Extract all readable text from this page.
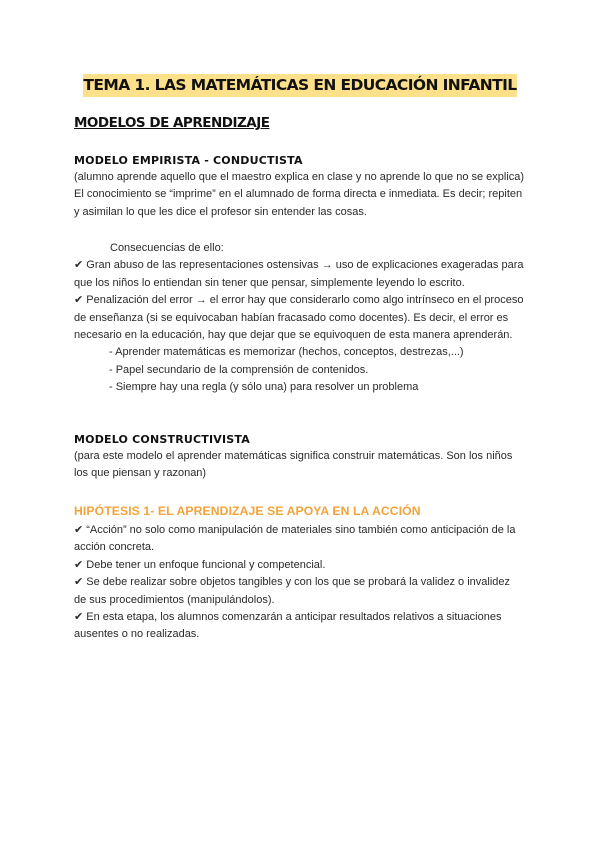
TEMA 1. LAS MATEMÁTICAS EN EDUCACIÓN INFANTIL
MODELOS DE APRENDIZAJE
MODELO EMPIRISTA - CONDUCTISTA
(alumno aprende aquello que el maestro explica en clase y no aprende lo que no se explica)
El conocimiento se “imprime” en el alumnado de forma directa e inmediata. Es decir; repiten
y asimilan lo que les dice el profesor sin entender las cosas.
Consecuencias de ello:
✔ Gran abuso de las representaciones ostensivas → uso de explicaciones exageradas para
que los niños lo entiendan sin tener que pensar, simplemente leyendo lo escrito.
✔ Penalización del error → el error hay que considerarlo como algo intrínseco en el proceso
de enseñanza (si se equivocaban habían fracasado como docentes). Es decir, el error es
necesario en la educación, hay que dejar que se equivoquen de esta manera aprenderán.
- Aprender matemáticas es memorizar (hechos, conceptos, destrezas,...)
- Papel secundario de la comprensión de contenidos.
- Siempre hay una regla (y sólo una) para resolver un problema
MODELO CONSTRUCTIVISTA
(para este modelo el aprender matemáticas significa construir matemáticas. Son los niños
los que piensan y razonan)
HIPÓTESIS 1- EL APRENDIZAJE SE APOYA EN LA ACCIÓN
✔ “Acción” no solo como manipulación de materiales sino también como anticipación de la
acción concreta.
✔ Debe tener un enfoque funcional y competencial.
✔ Se debe realizar sobre objetos tangibles y con los que se probará la validez o invalidez
de sus procedimientos (manipulándolos).
✔ En esta etapa, los alumnos comenzarán a anticipar resultados relativos a situaciones
ausentes o no realizadas.
